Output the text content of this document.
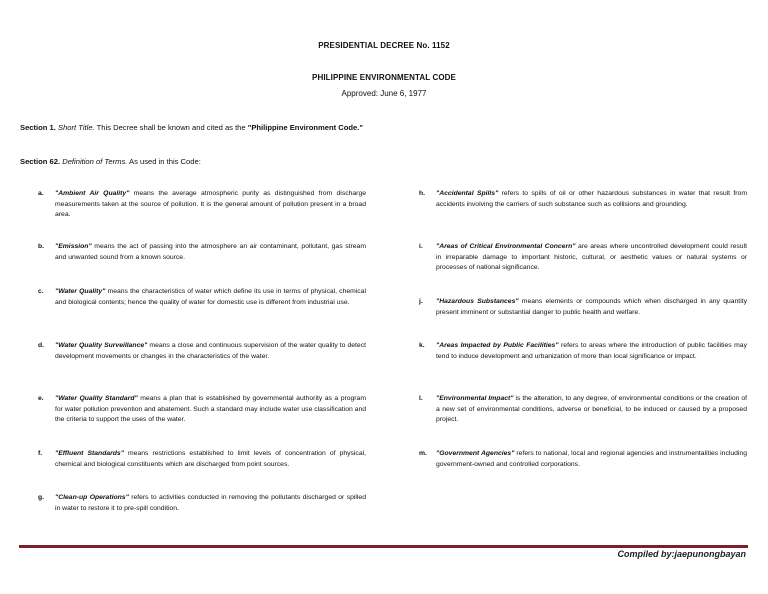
PRESIDENTIAL DECREE No. 1152
PHILIPPINE ENVIRONMENTAL CODE
Approved: June 6, 1977
Section 1. Short Title. This Decree shall be known and cited as the "Philippine Environment Code."
Section 62. Definition of Terms. As used in this Code:
a. "Ambient Air Quality" means the average atmospheric purity as distinguished from discharge measurements taken at the source of pollution. It is the general amount of pollution present in a broad area.
b. "Emission" means the act of passing into the atmosphere an air contaminant, pollutant, gas stream and unwanted sound from a known source.
c. "Water Quality" means the characteristics of water which define its use in terms of physical, chemical and biological contents; hence the quality of water for domestic use is different from industrial use.
d. "Water Quality Surveillance" means a close and continuous supervision of the water quality to detect development movements or changes in the characteristics of the water.
e. "Water Quality Standard" means a plan that is established by governmental authority as a program for water pollution prevention and abatement. Such a standard may include water use classification and the criteria to support the uses of the water.
f. "Effluent Standards" means restrictions established to limit levels of concentration of physical, chemical and biological constituents which are discharged from point sources.
g. "Clean-up Operations" refers to activities conducted in removing the pollutants discharged or spilled in water to restore it to pre-spill condition.
h. "Accidental Spills" refers to spills of oil or other hazardous substances in water that result from accidents involving the carriers of such substance such as collisions and grounding.
i. "Areas of Critical Environmental Concern" are areas where uncontrolled development could result in irreparable damage to important historic, cultural, or aesthetic values or natural systems or processes of national significance.
j. "Hazardous Substances" means elements or compounds which when discharged in any quantity present imminent or substantial danger to public health and welfare.
k. "Areas Impacted by Public Facilities" refers to areas where the introduction of public facilities may tend to induce development and urbanization of more than local significance or impact.
l. "Environmental Impact" is the alteration, to any degree, of environmental conditions or the creation of a new set of environmental conditions, adverse or beneficial, to be induced or caused by a proposed project.
m. "Government Agencies" refers to national, local and regional agencies and instrumentalities including government-owned and controlled corporations.
Compiled by:jaepunongbayan
